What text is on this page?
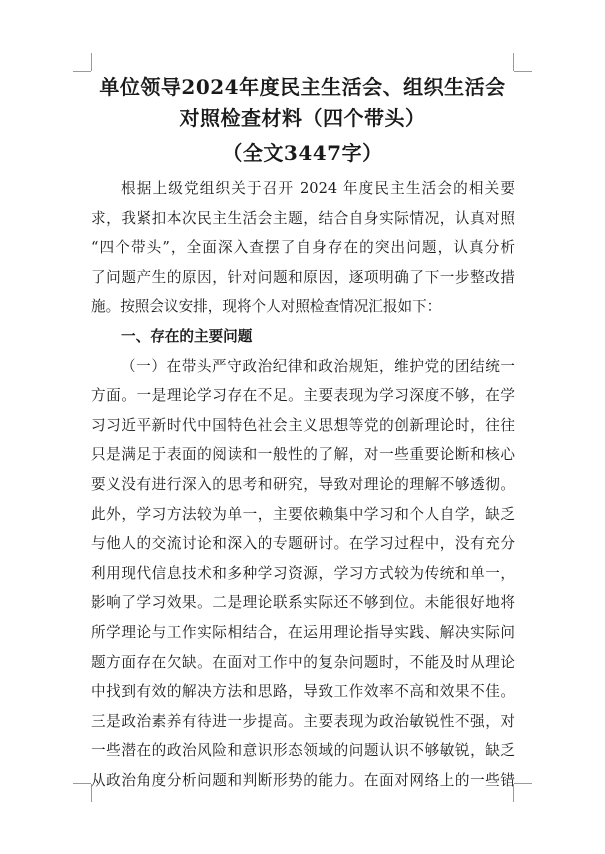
单位领导2024年度民主生活会、组织生活会
对照检查材料（四个带头）
（全文3447字）
根据上级党组织关于召开 2024 年度民主生活会的相关要
求，我紧扣本次民主生活会主题，结合自身实际情况，认真对照
“四个带头”，全面深入查摆了自身存在的突出问题，认真分析
了问题产生的原因，针对问题和原因，逐项明确了下一步整改措
施。按照会议安排，现将个人对照检查情况汇报如下：
一、存在的主要问题
（一）在带头严守政治纪律和政治规矩，维护党的团结统一
方面。一是理论学习存在不足。主要表现为学习深度不够，在学
习习近平新时代中国特色社会主义思想等党的创新理论时，往往
只是满足于表面的阅读和一般性的了解，对一些重要论断和核心
要义没有进行深入的思考和研究，导致对理论的理解不够透彻。
此外，学习方法较为单一，主要依赖集中学习和个人自学，缺乏
与他人的交流讨论和深入的专题研讨。在学习过程中，没有充分
利用现代信息技术和多种学习资源，学习方式较为传统和单一，
影响了学习效果。二是理论联系实际还不够到位。未能很好地将
所学理论与工作实际相结合，在运用理论指导实践、解决实际问
题方面存在欠缺。在面对工作中的复杂问题时，不能及时从理论
中找到有效的解决方法和思路，导致工作效率不高和效果不佳。
三是政治素养有待进一步提高。主要表现为政治敏锐性不强，对
一些潜在的政治风险和意识形态领域的问题认识不够敏锐，缺乏
从政治角度分析问题和判断形势的能力。在面对网络上的一些错
